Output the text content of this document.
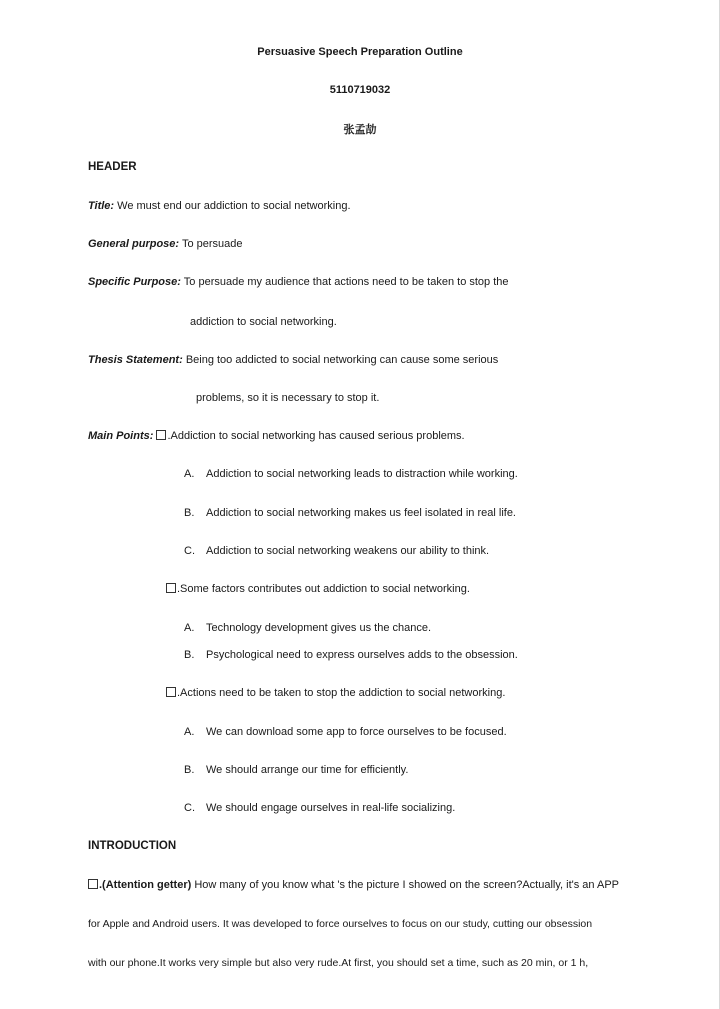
Persuasive Speech Preparation Outline
5110719032
张孟劼
HEADER
Title: We must end our addiction to social networking.
General purpose: To persuade
Specific Purpose: To persuade my audience that actions need to be taken to stop the
addiction to social networking.
Thesis Statement: Being too addicted to social networking can cause some serious
problems, so it is necessary to stop it.
Main Points: .Addiction to social networking has caused serious problems.
A. Addiction to social networking leads to distraction while working.
B. Addiction to social networking makes us feel isolated in real life.
C. Addiction to social networking weakens our ability to think.
.Some factors contributes out addiction to social networking.
A. Technology development gives us the chance.
B. Psychological need to express ourselves adds to the obsession.
.Actions need to be taken to stop the addiction to social networking.
A. We can download some app to force ourselves to be focused.
B. We should arrange our time for efficiently.
C. We should engage ourselves in real-life socializing.
INTRODUCTION
.(Attention getter) How many of you know what 's the picture I showed on the screen?Actually, it's an APP
for Apple and Android users. It was developed to force ourselves to focus on our study, cutting our obsession
with our phone.It works very simple but also very rude.At first, you should set a time, such as 20 min, or 1 h,
